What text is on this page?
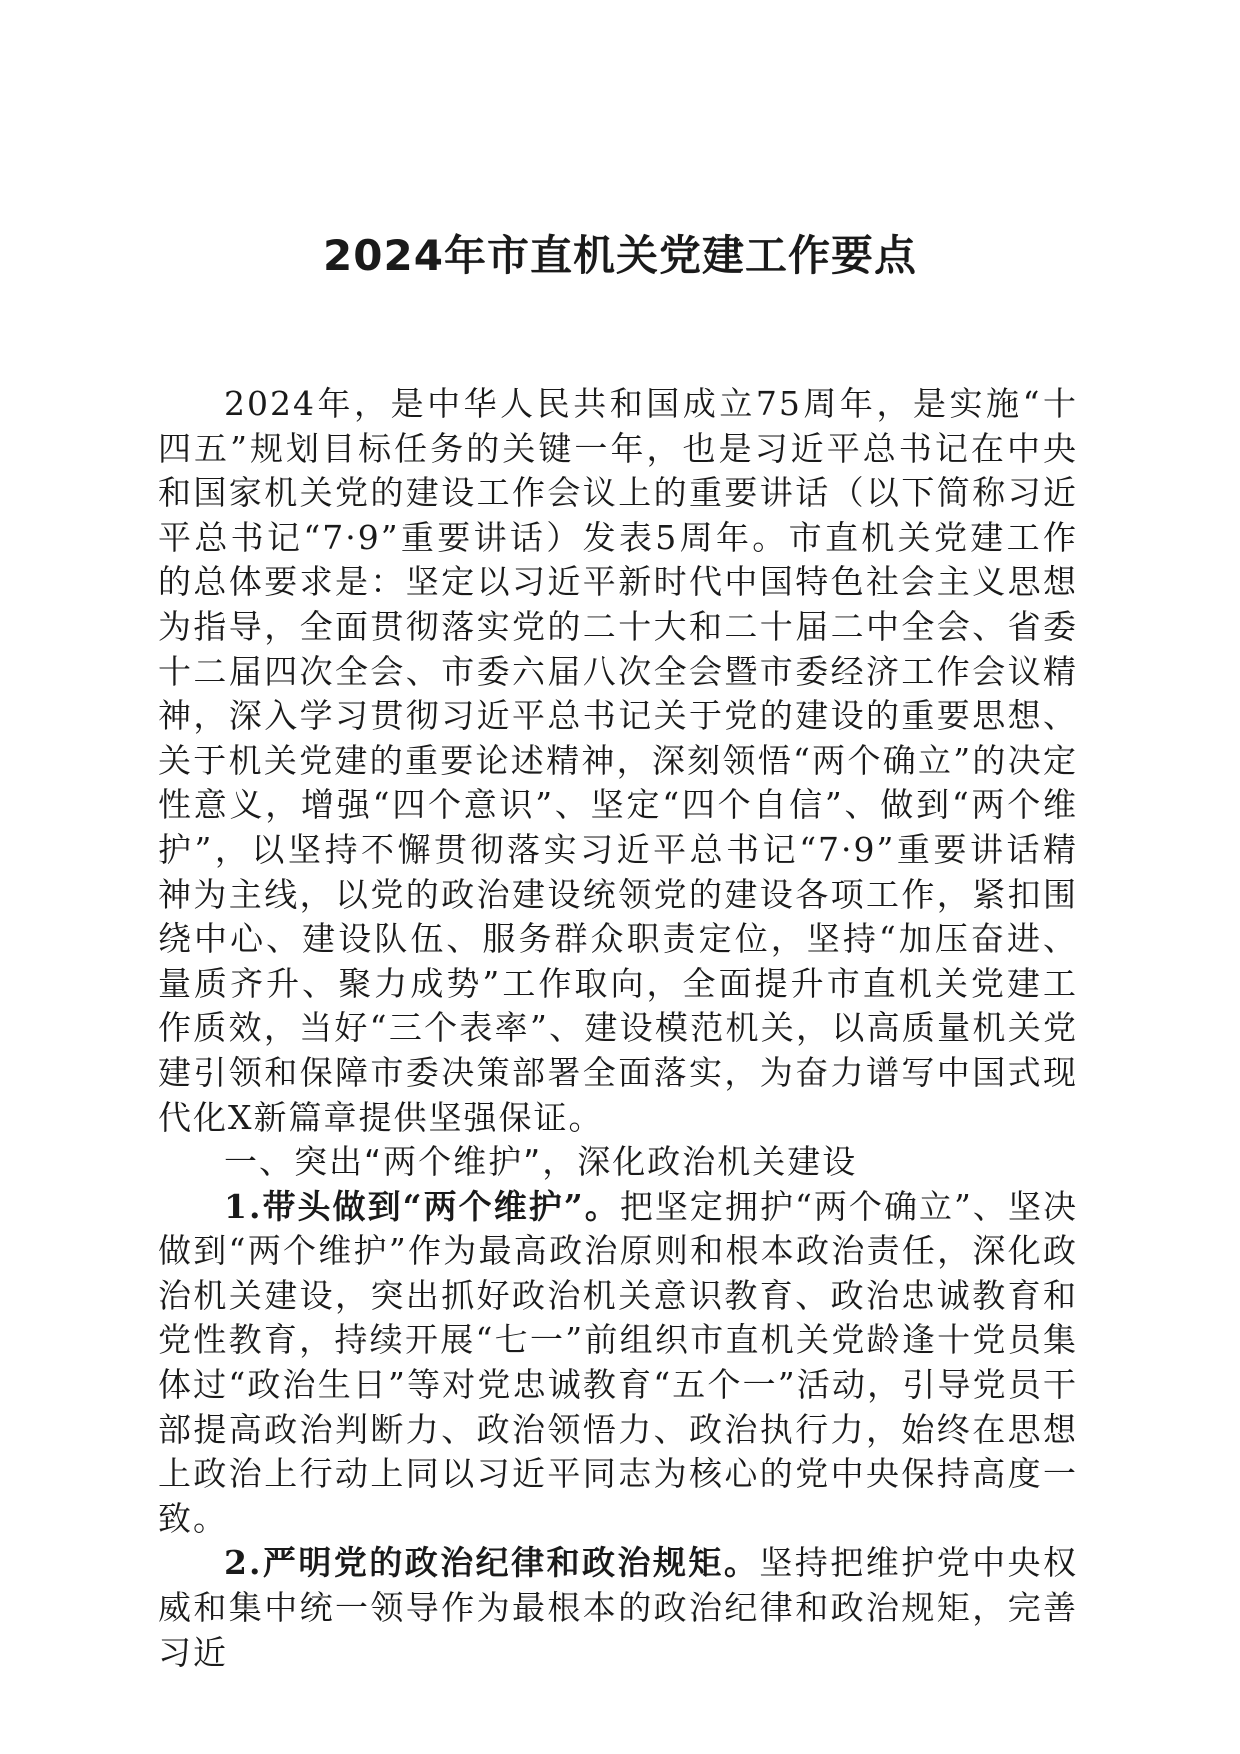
2024年市直机关党建工作要点

2024年，是中华人民共和国成立75周年，是实施“十四五”规划目标任务的关键一年，也是习近平总书记在中央和国家机关党的建设工作会议上的重要讲话（以下简称习近平总书记“7·9”重要讲话）发表5周年。市直机关党建工作的总体要求是：坚定以习近平新时代中国特色社会主义思想为指导，全面贯彻落实党的二十大和二十届二中全会、省委十二届四次全会、市委六届八次全会暨市委经济工作会议精神，深入学习贯彻习近平总书记关于党的建设的重要思想、关于机关党建的重要论述精神，深刻领悟“两个确立”的决定性意义，增强“四个意识”、坚定“四个自信”、做到“两个维护”，以坚持不懈贯彻落实习近平总书记“7·9”重要讲话精神为主线，以党的政治建设统领党的建设各项工作，紧扣围绕中心、建设队伍、服务群众职责定位，坚持“加压奋进、量质齐升、聚力成势”工作取向，全面提升市直机关党建工作质效，当好“三个表率”、建设模范机关，以高质量机关党建引领和保障市委决策部署全面落实，为奋力谱写中国式现代化X新篇章提供坚强保证。

一、突出“两个维护”，深化政治机关建设

1.带头做到“两个维护”。把坚定拥护“两个确立”、坚决做到“两个维护”作为最高政治原则和根本政治责任，深化政治机关建设，突出抓好政治机关意识教育、政治忠诚教育和党性教育，持续开展“七一”前组织市直机关党龄逢十党员集体过“政治生日”等对党忠诚教育“五个一”活动，引导党员干部提高政治判断力、政治领悟力、政治执行力，始终在思想上政治上行动上同以习近平同志为核心的党中央保持高度一致。

2.严明党的政治纪律和政治规矩。坚持把维护党中央权威和集中统一领导作为最根本的政治纪律和政治规矩，完善习近
